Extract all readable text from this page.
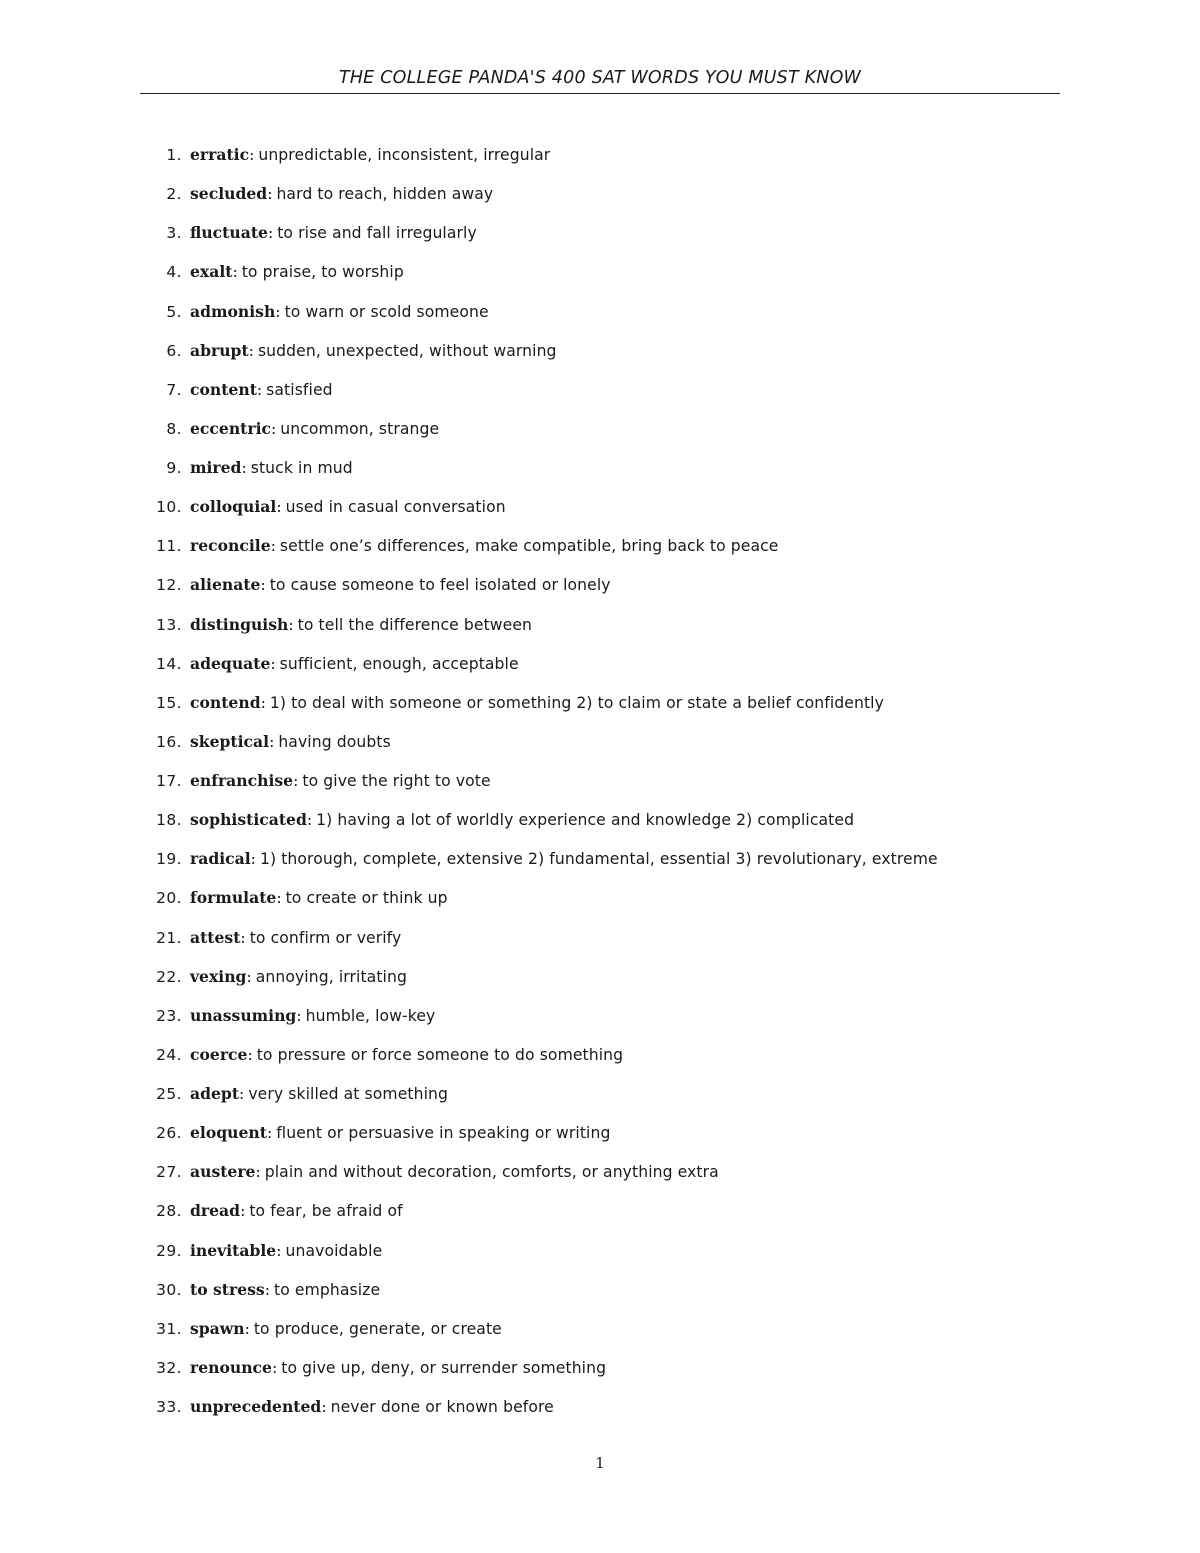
THE COLLEGE PANDA'S 400 SAT WORDS YOU MUST KNOW
1. erratic: unpredictable, inconsistent, irregular
2. secluded: hard to reach, hidden away
3. fluctuate: to rise and fall irregularly
4. exalt: to praise, to worship
5. admonish: to warn or scold someone
6. abrupt: sudden, unexpected, without warning
7. content: satisfied
8. eccentric: uncommon, strange
9. mired: stuck in mud
10. colloquial: used in casual conversation
11. reconcile: settle one’s differences, make compatible, bring back to peace
12. alienate: to cause someone to feel isolated or lonely
13. distinguish: to tell the difference between
14. adequate: sufficient, enough, acceptable
15. contend: 1) to deal with someone or something 2) to claim or state a belief confidently
16. skeptical: having doubts
17. enfranchise: to give the right to vote
18. sophisticated: 1) having a lot of worldly experience and knowledge 2) complicated
19. radical: 1) thorough, complete, extensive 2) fundamental, essential 3) revolutionary, extreme
20. formulate: to create or think up
21. attest: to confirm or verify
22. vexing: annoying, irritating
23. unassuming: humble, low-key
24. coerce: to pressure or force someone to do something
25. adept: very skilled at something
26. eloquent: fluent or persuasive in speaking or writing
27. austere: plain and without decoration, comforts, or anything extra
28. dread: to fear, be afraid of
29. inevitable: unavoidable
30. to stress: to emphasize
31. spawn: to produce, generate, or create
32. renounce: to give up, deny, or surrender something
33. unprecedented: never done or known before
1
